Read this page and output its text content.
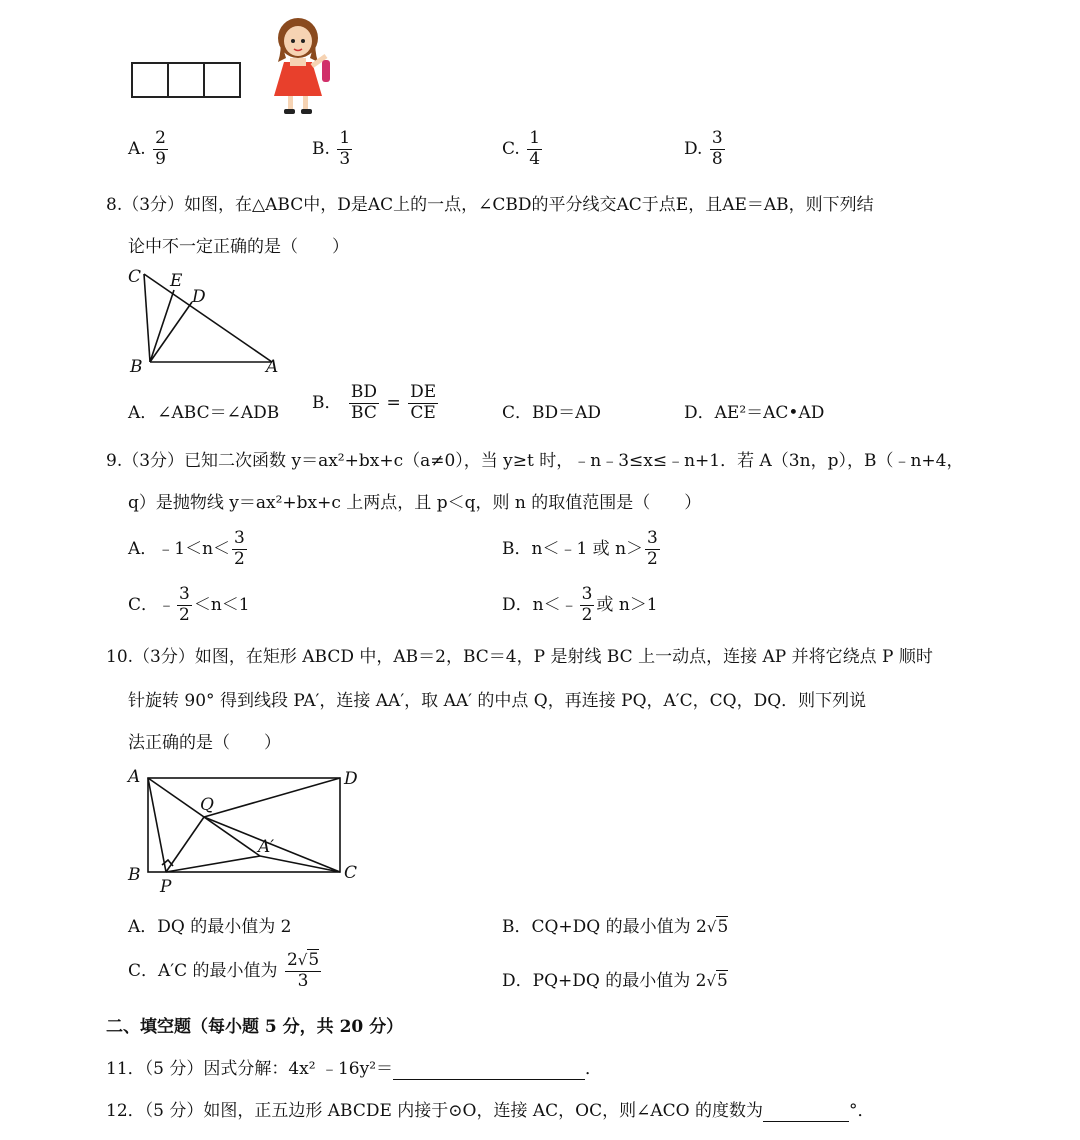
A. $\frac{2}{9}$	B. $\frac{1}{3}$	C. $\frac{1}{4}$	D. $\frac{3}{8}$
8.（3分）如图，在△ABC中，D是AC上的一点，∠CBD的平分线交AC于点E，且AE＝AB，则下列结
论中不一定正确的是（　　）
C E
D
B	A
A．∠ABC＝∠ADB
B． $\frac{BD}{BC} = \frac{DE}{CE}$	C．BD＝AD	D．AE²＝AC•AD
9.（3分）已知二次函数 y＝ax²+bx+c（a≠0），当 y≥t 时，﹣n﹣3≤x≤﹣n+1．若 A（3n，p），B（﹣n+4，
q）是抛物线 y＝ax²+bx+c 上两点，且 p＜q，则 n 的取值范围是（　　）
A．﹣1＜n＜ $\frac{3}{2}$	B．n＜﹣1 或 $n> \frac{3}{2}$
C．﹣ $\frac{3}{2} <n<1$	D．n＜﹣ $\frac{3}{2}$ 或 n＞1
10.（3分）如图，在矩形 ABCD 中，AB＝2，BC＝4，P 是射线 BC 上一动点，连接 AP 并将它绕点 P 顺时
针旋转 90° 得到线段 PA′，连接 AA′，取 AA′ 的中点 Q，再连接 PQ，A′C，CQ，DQ．则下列说
法正确的是（　　）
A	D
Q
A′
B
P
C
A．DQ 的最小值为 2	B．CQ+DQ 的最小值为 2√5
C．A′C 的最小值为 $\frac{2√5}{3}$	D．PQ+DQ 的最小值为 2√5
二、填空题（每小题 5 分，共 20 分）
11．（5 分）因式分解：4x² ﹣16y²＝	．
12．（5 分）如图，正五边形 ABCDE 内接于⊙O，连接 AC，OC，则∠ACO 的度数为	°．
